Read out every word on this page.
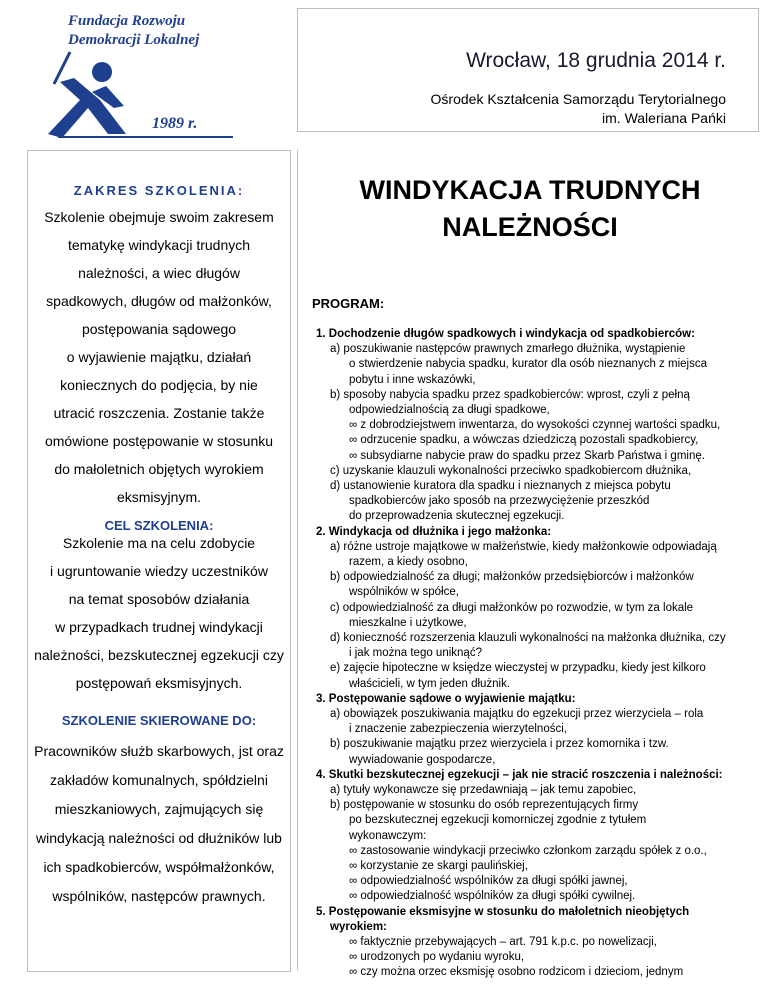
Fundacja Rozwoju
Demokracji Lokalnej
1989 r.
Wrocław, 18 grudnia 2014 r.
Ośrodek Kształcenia Samorządu Terytorialnego
im. Waleriana Pańki
ZAKRES SZKOLENIA:
Szkolenie obejmuje swoim zakresem
tematykę windykacji trudnych
należności, a wiec długów
spadkowych, długów od małżonków,
postępowania sądowego
o wyjawienie majątku, działań
koniecznych do podjęcia, by nie
utracić roszczenia. Zostanie także
omówione postępowanie w stosunku
do małoletnich objętych wyrokiem
eksmisyjnym.
CEL SZKOLENIA:
Szkolenie ma na celu zdobycie
i ugruntowanie wiedzy uczestników
na temat sposobów działania
w przypadkach trudnej windykacji
należności, bezskutecznej egzekucji czy
postępowań eksmisyjnych.
SZKOLENIE SKIEROWANE DO:
Pracowników służb skarbowych, jst oraz
zakładów komunalnych, spółdzielni
mieszkaniowych, zajmujących się
windykacją należności od dłużników lub
ich spadkobierców, współmałżonków,
wspólników, następców prawnych.
WINDYKACJA TRUDNYCH
NALEŻNOŚCI
PROGRAM:
1. Dochodzenie długów spadkowych i windykacja od spadkobierców:
a) poszukiwanie następców prawnych zmarłego dłużnika, wystąpienie
o stwierdzenie nabycia spadku, kurator dla osób nieznanych z miejsca
pobytu i inne wskazówki,
b) sposoby nabycia spadku przez spadkobierców: wprost, czyli z pełną
odpowiedzialnością za długi spadkowe,
∞ z dobrodziejstwem inwentarza, do wysokości czynnej wartości spadku,
∞ odrzucenie spadku, a wówczas dziedziczą pozostali spadkobiercy,
∞ subsydiarne nabycie praw do spadku przez Skarb Państwa i gminę.
c) uzyskanie klauzuli wykonalności przeciwko spadkobiercom dłużnika,
d) ustanowienie kuratora dla spadku i nieznanych z miejsca pobytu
spadkobierców jako sposób na przezwyciężenie przeszkód
do przeprowadzenia skutecznej egzekucji.
2. Windykacja od dłużnika i jego małżonka:
a) różne ustroje majątkowe w małżeństwie, kiedy małżonkowie odpowiadają
razem, a kiedy osobno,
b) odpowiedzialność za długi; małżonków przedsiębiorców i małżonków
wspólników w spółce,
c) odpowiedzialność za długi małżonków po rozwodzie, w tym za lokale
mieszkalne i użytkowe,
d) konieczność rozszerzenia klauzuli wykonalności na małżonka dłużnika, czy
i jak można tego uniknąć?
e) zajęcie hipoteczne w księdze wieczystej w przypadku, kiedy jest kilkoro
właścicieli, w tym jeden dłużnik.
3. Postępowanie sądowe o wyjawienie majątku:
a) obowiązek poszukiwania majątku do egzekucji przez wierzyciela – rola
i znaczenie zabezpieczenia wierzytelności,
b) poszukiwanie majątku przez wierzyciela i przez komornika i tzw.
wywiadowanie gospodarcze,
4. Skutki bezskutecznej egzekucji – jak nie stracić roszczenia i należności:
a) tytuły wykonawcze się przedawniają – jak temu zapobiec,
b) postępowanie w stosunku do osób reprezentujących firmy
po bezskutecznej egzekucji komorniczej zgodnie z tytułem
wykonawczym:
∞ zastosowanie windykacji przeciwko członkom zarządu spółek z o.o.,
∞ korzystanie ze skargi paulińskiej,
∞ odpowiedzialność wspólników za długi spółki jawnej,
∞ odpowiedzialność wspólników za długi spółki cywilnej.
5. Postępowanie eksmisyjne w stosunku do małoletnich nieobjętych
wyrokiem:
∞ faktycznie przebywających – art. 791 k.p.c. po nowelizacji,
∞ urodzonych po wydaniu wyroku,
∞ czy można orzec eksmisję osobno rodzicom i dzieciom, jednym
